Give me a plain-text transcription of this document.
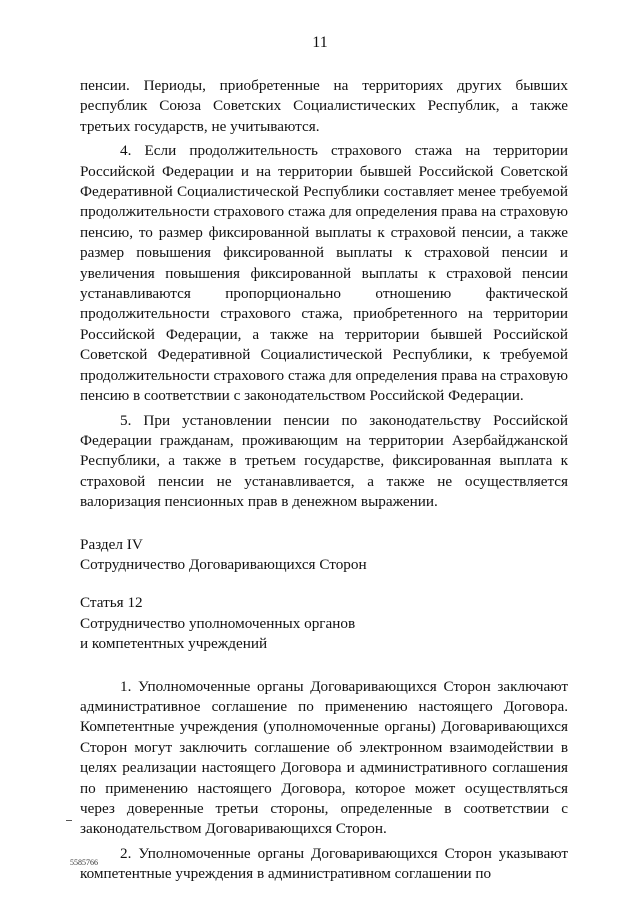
11

пенсии. Периоды, приобретенные на территориях других бывших республик Союза Советских Социалистических Республик, а также третьих государств, не учитываются.

4. Если продолжительность страхового стажа на территории Российской Федерации и на территории бывшей Российской Советской Федеративной Социалистической Республики составляет менее требуемой продолжительности страхового стажа для определения права на страховую пенсию, то размер фиксированной выплаты к страховой пенсии, а также размер повышения фиксированной выплаты к страховой пенсии и увеличения повышения фиксированной выплаты к страховой пенсии устанавливаются пропорционально отношению фактической продолжительности страхового стажа, приобретенного на территории Российской Федерации, а также на территории бывшей Российской Советской Федеративной Социалистической Республики, к требуемой продолжительности страхового стажа для определения права на страховую пенсию в соответствии с законодательством Российской Федерации.

5. При установлении пенсии по законодательству Российской Федерации гражданам, проживающим на территории Азербайджанской Республики, а также в третьем государстве, фиксированная выплата к страховой пенсии не устанавливается, а также не осуществляется валоризация пенсионных прав в денежном выражении.

Раздел IV

Сотрудничество Договаривающихся Сторон

Статья 12

Сотрудничество уполномоченных органов

и компетентных учреждений

1. Уполномоченные органы Договаривающихся Сторон заключают административное соглашение по применению настоящего Договора. Компетентные учреждения (уполномоченные органы) Договаривающихся Сторон могут заключить соглашение об электронном взаимодействии в целях реализации настоящего Договора и административного соглашения по применению настоящего Договора, которое может осуществляться через доверенные третьи стороны, определенные в соответствии с законодательством Договаривающихся Сторон.

2. Уполномоченные органы Договаривающихся Сторон указывают компетентные учреждения в административном соглашении по

5585766
